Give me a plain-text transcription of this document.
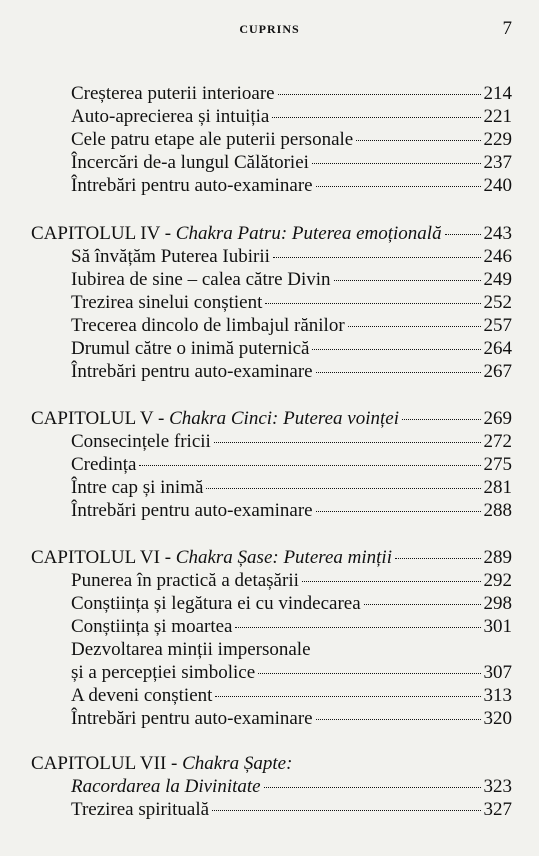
CUPRINS	7
Creșterea puterii interioare	214
Auto-aprecierea și intuiția	221
Cele patru etape ale puterii personale	229
Încercări de-a lungul Călătoriei	237
Întrebări pentru auto-examinare	240
CAPITOLUL IV - Chakra Patru: Puterea emoțională 243
Să învățăm Puterea Iubirii	246
Iubirea de sine – calea către Divin	249
Trezirea sinelui conștient	252
Trecerea dincolo de limbajul rănilor	257
Drumul către o inimă puternică	264
Întrebări pentru auto-examinare	267
CAPITOLUL V - Chakra Cinci: Puterea voinței	269
Consecințele fricii	272
Credința	275
Între cap și inimă	281
Întrebări pentru auto-examinare	288
CAPITOLUL VI - Chakra Șase: Puterea minții	289
Punerea în practică a detașării	292
Conștiința și legătura ei cu vindecarea	298
Conștiința și moartea	301
Dezvoltarea minții impersonale
și a percepției simbolice	307
A deveni conștient	313
Întrebări pentru auto-examinare	320
CAPITOLUL VII - Chakra Șapte:
Racordarea la Divinitate	323
Trezirea spirituală	327
